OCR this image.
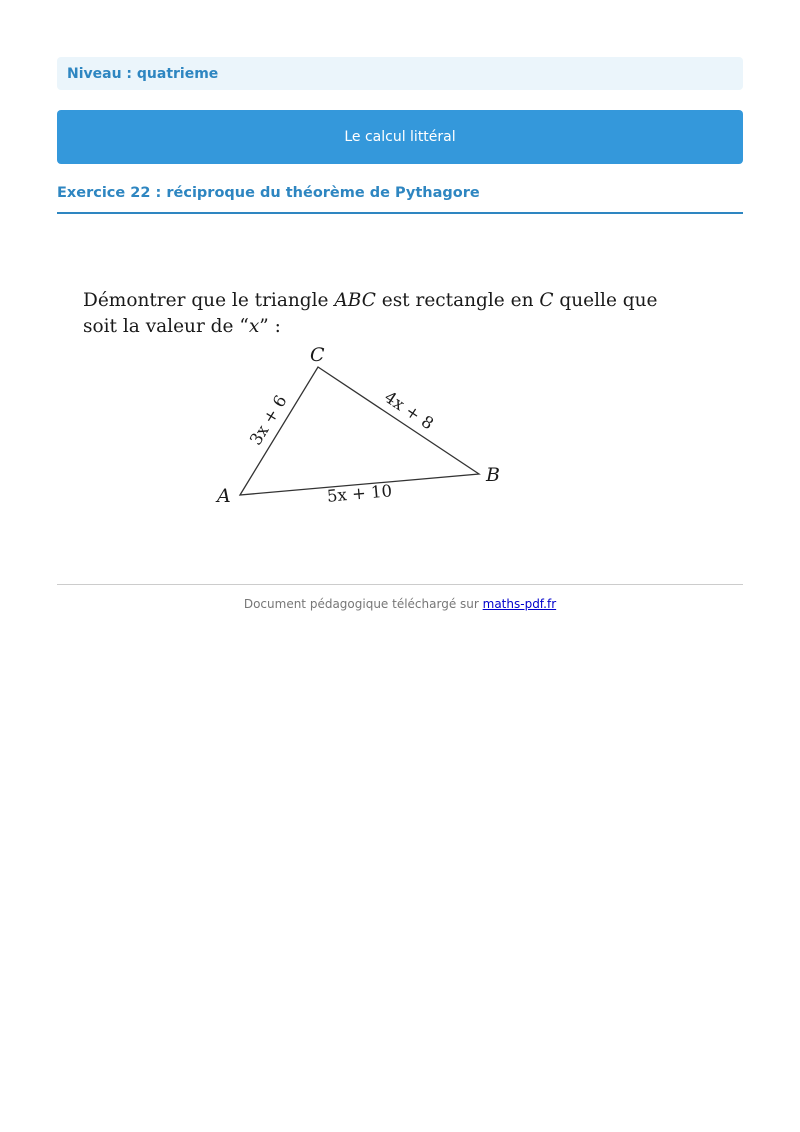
Niveau : quatrieme
Le calcul littéral
Exercice 22 : réciproque du théorème de Pythagore
Démontrer que le triangle ABC est rectangle en C quelle que soit la valeur de “x” :
A
C
B
3x + 6	4x + 8
5x + 10
Document pédagogique téléchargé sur maths-pdf.fr
